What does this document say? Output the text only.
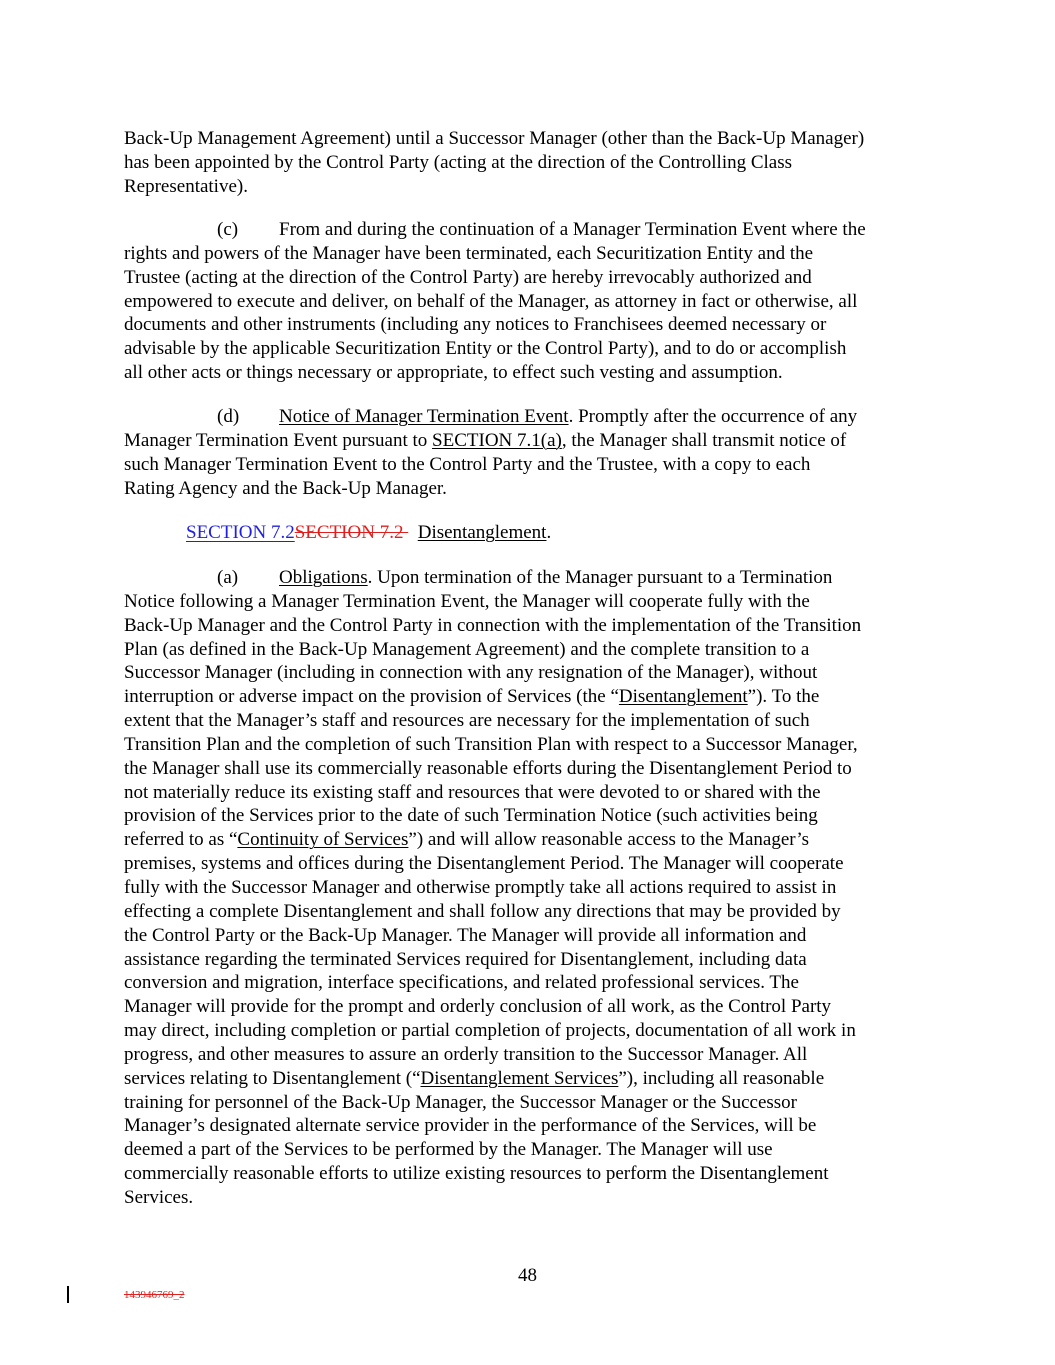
Back-Up Management Agreement) until a Successor Manager (other than the Back-Up Manager)
has been appointed by the Control Party (acting at the direction of the Controlling Class
Representative).
(c) From and during the continuation of a Manager Termination Event where the
rights and powers of the Manager have been terminated, each Securitization Entity and the
Trustee (acting at the direction of the Control Party) are hereby irrevocably authorized and
empowered to execute and deliver, on behalf of the Manager, as attorney in fact or otherwise, all
documents and other instruments (including any notices to Franchisees deemed necessary or
advisable by the applicable Securitization Entity or the Control Party), and to do or accomplish
all other acts or things necessary or appropriate, to effect such vesting and assumption.
(d) Notice of Manager Termination Event. Promptly after the occurrence of any
Manager Termination Event pursuant to SECTION 7.1(a), the Manager shall transmit notice of
such Manager Termination Event to the Control Party and the Trustee, with a copy to each
Rating Agency and the Back-Up Manager.
SECTION 7.2SECTION 7.2   Disentanglement.
(a) Obligations. Upon termination of the Manager pursuant to a Termination
Notice following a Manager Termination Event, the Manager will cooperate fully with the
Back-Up Manager and the Control Party in connection with the implementation of the Transition
Plan (as defined in the Back-Up Management Agreement) and the complete transition to a
Successor Manager (including in connection with any resignation of the Manager), without
interruption or adverse impact on the provision of Services (the “Disentanglement”). To the
extent that the Manager’s staff and resources are necessary for the implementation of such
Transition Plan and the completion of such Transition Plan with respect to a Successor Manager,
the Manager shall use its commercially reasonable efforts during the Disentanglement Period to
not materially reduce its existing staff and resources that were devoted to or shared with the
provision of the Services prior to the date of such Termination Notice (such activities being
referred to as “Continuity of Services”) and will allow reasonable access to the Manager’s
premises, systems and offices during the Disentanglement Period. The Manager will cooperate
fully with the Successor Manager and otherwise promptly take all actions required to assist in
effecting a complete Disentanglement and shall follow any directions that may be provided by
the Control Party or the Back-Up Manager. The Manager will provide all information and
assistance regarding the terminated Services required for Disentanglement, including data
conversion and migration, interface specifications, and related professional services. The
Manager will provide for the prompt and orderly conclusion of all work, as the Control Party
may direct, including completion or partial completion of projects, documentation of all work in
progress, and other measures to assure an orderly transition to the Successor Manager. All
services relating to Disentanglement (“Disentanglement Services”), including all reasonable
training for personnel of the Back-Up Manager, the Successor Manager or the Successor
Manager’s designated alternate service provider in the performance of the Services, will be
deemed a part of the Services to be performed by the Manager. The Manager will use
commercially reasonable efforts to utilize existing resources to perform the Disentanglement
Services.
48
143946769_2
